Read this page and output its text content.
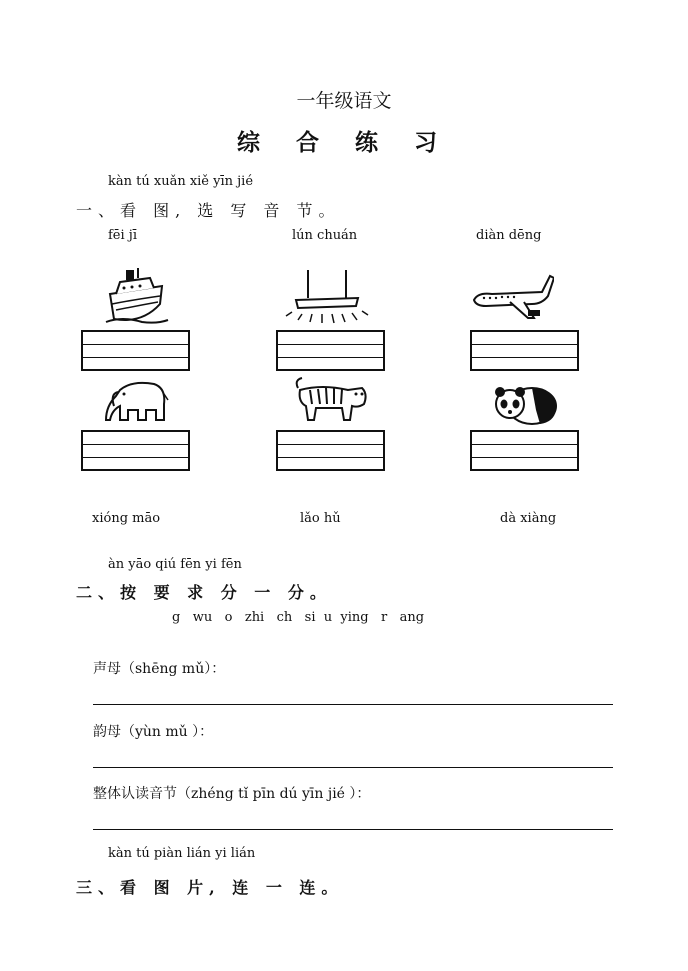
一年级语文
综 合 练 习
kàn tú xuǎn xiě yīn jié
一、看 图, 选 写 音 节。
fēi jī	lún chuán	diàn dēng
xióng māo	lǎo hǔ	dà xiàng
àn yāo qiú fēn yi fēn
二、按 要 求 分 一 分。
g   wu   o   zhi   ch   si  u  ying   r   ang
声母（shēng mǔ）：
韵母（yùn mǔ ）：
整体认读音节（zhéng tǐ pīn dú yīn jié ）：
kàn tú piàn lián yi lián
三、看 图 片, 连 一 连。
